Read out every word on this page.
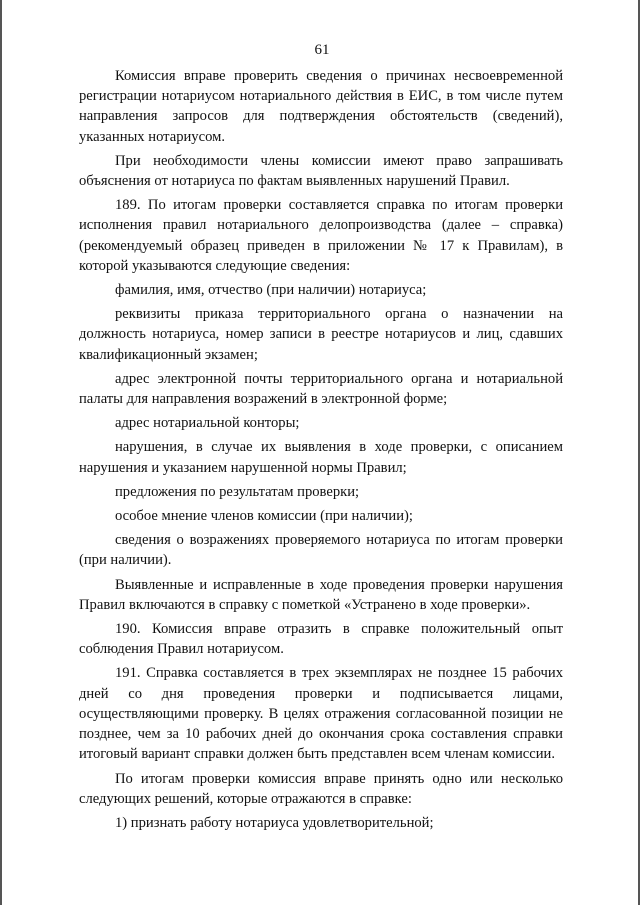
61

Комиссия вправе проверить сведения о причинах несвоевременной регистрации нотариусом нотариального действия в ЕИС, в том числе путем направления запросов для подтверждения обстоятельств (сведений), указанных нотариусом.

При необходимости члены комиссии имеют право запрашивать объяснения от нотариуса по фактам выявленных нарушений Правил.

189. По итогам проверки составляется справка по итогам проверки исполнения правил нотариального делопроизводства (далее – справка) (рекомендуемый образец приведен в приложении № 17 к Правилам), в которой указываются следующие сведения:

фамилия, имя, отчество (при наличии) нотариуса;

реквизиты приказа территориального органа о назначении на должность нотариуса, номер записи в реестре нотариусов и лиц, сдавших квалификационный экзамен;

адрес электронной почты территориального органа и нотариальной палаты для направления возражений в электронной форме;

адрес нотариальной конторы;

нарушения, в случае их выявления в ходе проверки, с описанием нарушения и указанием нарушенной нормы Правил;

предложения по результатам проверки;

особое мнение членов комиссии (при наличии);

сведения о возражениях проверяемого нотариуса по итогам проверки (при наличии).

Выявленные и исправленные в ходе проведения проверки нарушения Правил включаются в справку с пометкой «Устранено в ходе проверки».

190. Комиссия вправе отразить в справке положительный опыт соблюдения Правил нотариусом.

191. Справка составляется в трех экземплярах не позднее 15 рабочих дней со дня проведения проверки и подписывается лицами, осуществляющими проверку. В целях отражения согласованной позиции не позднее, чем за 10 рабочих дней до окончания срока составления справки итоговый вариант справки должен быть представлен всем членам комиссии.

По итогам проверки комиссия вправе принять одно или несколько следующих решений, которые отражаются в справке:

1) признать работу нотариуса удовлетворительной;
